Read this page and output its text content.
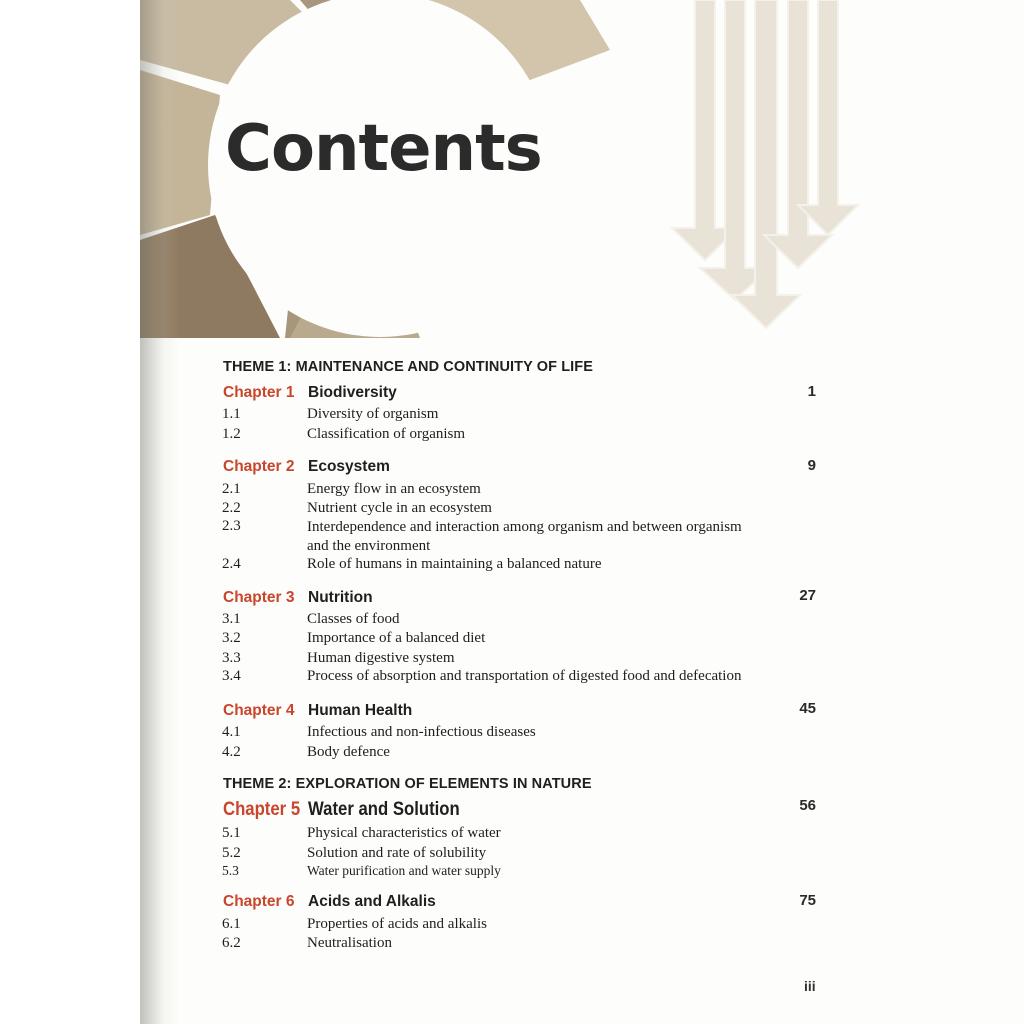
Contents
THEME 1: MAINTENANCE AND CONTINUITY OF LIFE
Chapter 1 Biodiversity	1
1.1	Diversity of organism
1.2	Classification of organism
Chapter 2 Ecosystem	9
2.1	Energy flow in an ecosystem
2.2	Nutrient cycle in an ecosystem
2.3	Interdependence and interaction among organism and between organism and the environment
2.4	Role of humans in maintaining a balanced nature
Chapter 3 Nutrition	27
3.1	Classes of food
3.2	Importance of a balanced diet
3.3	Human digestive system
3.4	Process of absorption and transportation of digested food and defecation
Chapter 4 Human Health	45
4.1	Infectious and non-infectious diseases
4.2	Body defence
THEME 2: EXPLORATION OF ELEMENTS IN NATURE
Chapter 5 Water and Solution	56
5.1	Physical characteristics of water
5.2	Solution and rate of solubility
5.3	Water purification and water supply
Chapter 6 Acids and Alkalis	75
6.1	Properties of acids and alkalis
6.2	Neutralisation
iii
